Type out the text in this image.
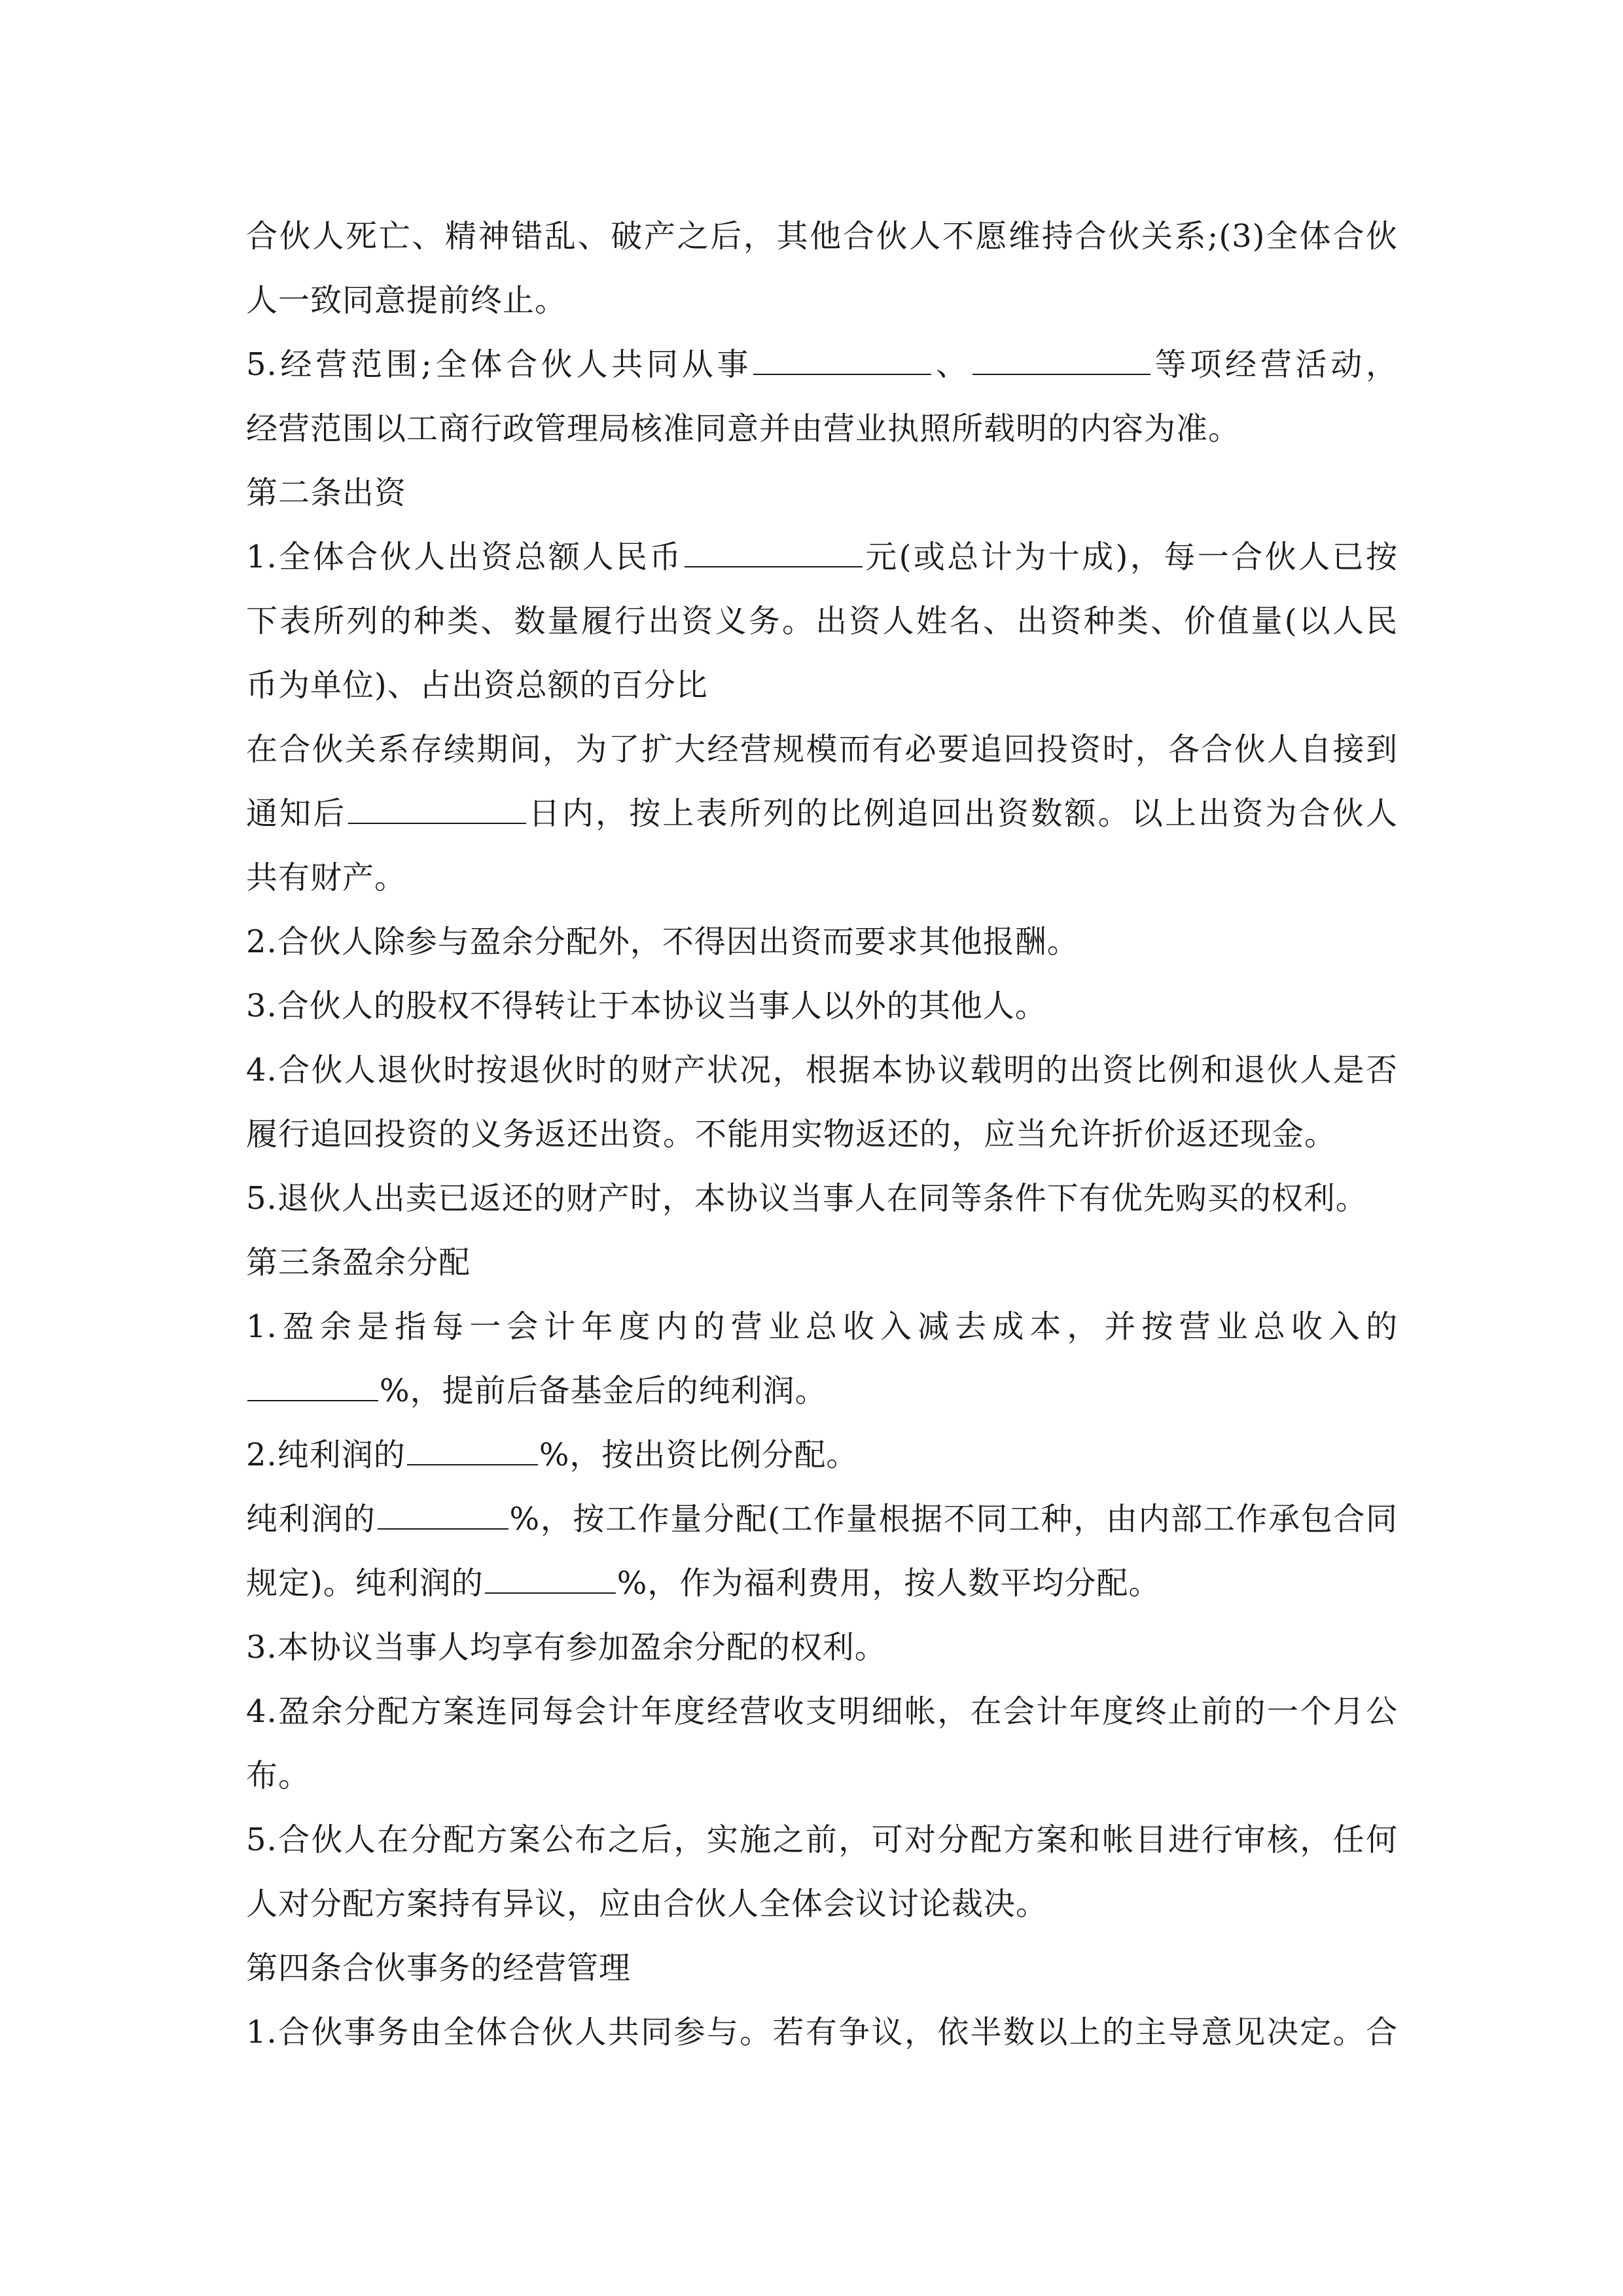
合伙人死亡、精神错乱、破产之后，其他合伙人不愿维持合伙关系;(3)全体合伙
人一致同意提前终止。
5.经营范围;全体合伙人共同从事	、	等项经营活动，
经营范围以工商行政管理局核准同意并由营业执照所载明的内容为准。
第二条出资
1.全体合伙人出资总额人民币	元(或总计为十成)，每一合伙人已按
下表所列的种类、数量履行出资义务。出资人姓名、出资种类、价值量(以人民
币为单位)、占出资总额的百分比
在合伙关系存续期间，为了扩大经营规模而有必要追回投资时，各合伙人自接到
通知后	日内，按上表所列的比例追回出资数额。以上出资为合伙人
共有财产。
2.合伙人除参与盈余分配外，不得因出资而要求其他报酬。
3.合伙人的股权不得转让于本协议当事人以外的其他人。
4.合伙人退伙时按退伙时的财产状况，根据本协议载明的出资比例和退伙人是否
履行追回投资的义务返还出资。不能用实物返还的，应当允许折价返还现金。
5.退伙人出卖已返还的财产时，本协议当事人在同等条件下有优先购买的权利。
第三条盈余分配
1.盈余是指每一会计年度内的营业总收入减去成本，并按营业总收入的
%，提前后备基金后的纯利润。
2.纯利润的	%，按出资比例分配。
纯利润的	%，按工作量分配(工作量根据不同工种，由内部工作承包合同
规定)。纯利润的	%，作为福利费用，按人数平均分配。
3.本协议当事人均享有参加盈余分配的权利。
4.盈余分配方案连同每会计年度经营收支明细帐，在会计年度终止前的一个月公
布。
5.合伙人在分配方案公布之后，实施之前，可对分配方案和帐目进行审核，任何
人对分配方案持有异议，应由合伙人全体会议讨论裁决。
第四条合伙事务的经营管理
1.合伙事务由全体合伙人共同参与。若有争议，依半数以上的主导意见决定。合
